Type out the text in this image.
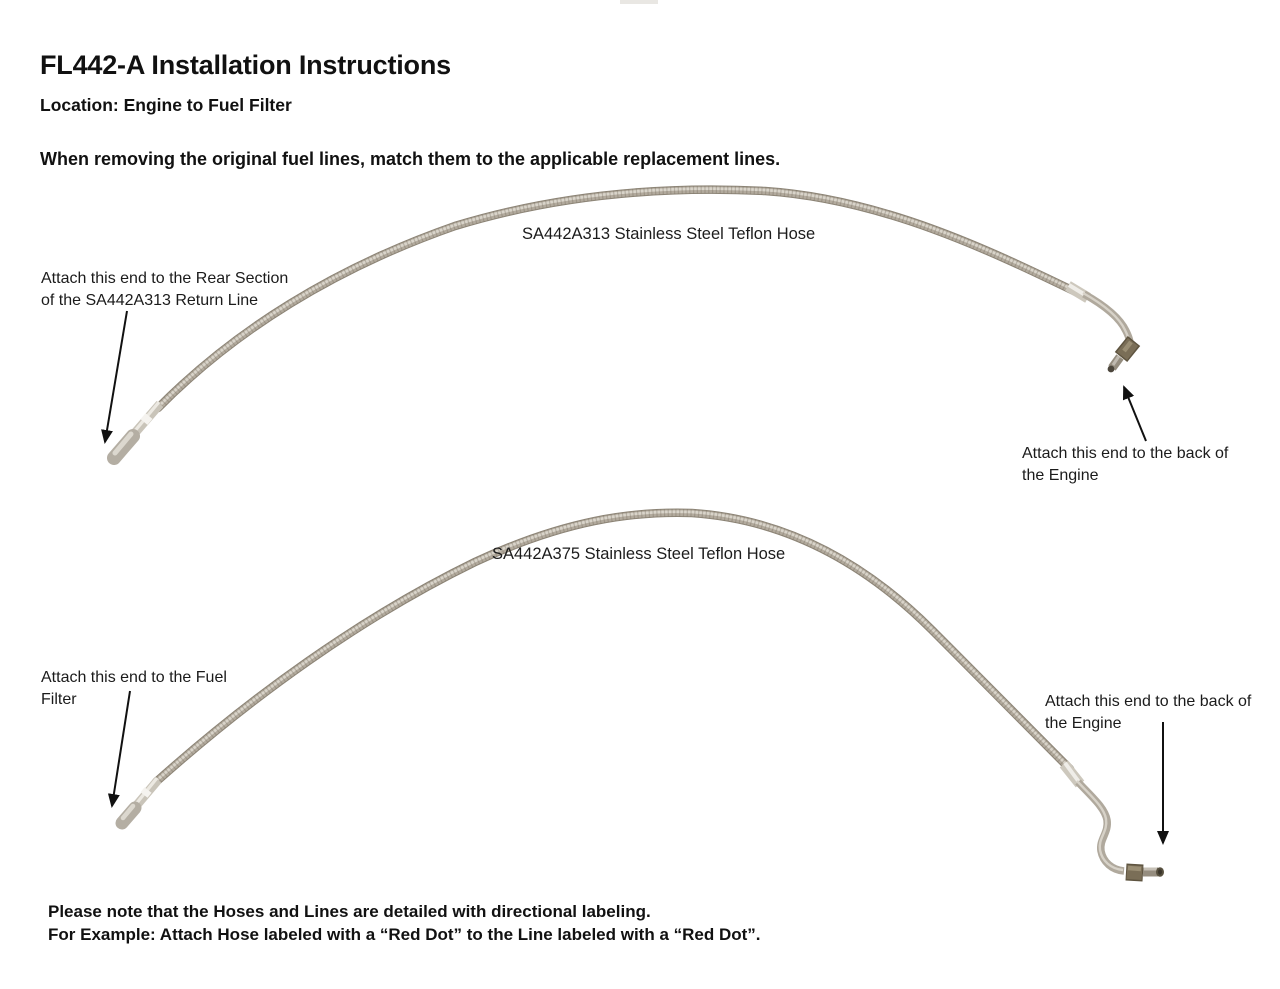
FL442-A Installation Instructions
Location: Engine to Fuel Filter
When removing the original fuel lines, match them to the applicable replacement lines.
SA442A313 Stainless Steel Teflon Hose
Attach this end to the Rear Section
of the SA442A313 Return Line
Attach this end to the back of
the Engine
SA442A375 Stainless Steel Teflon Hose
Attach this end to the Fuel
Filter	Attach this end to the back of
the Engine
Please note that the Hoses and Lines are detailed with directional labeling.
For Example: Attach Hose labeled with a “Red Dot” to the Line labeled with a “Red Dot”.
